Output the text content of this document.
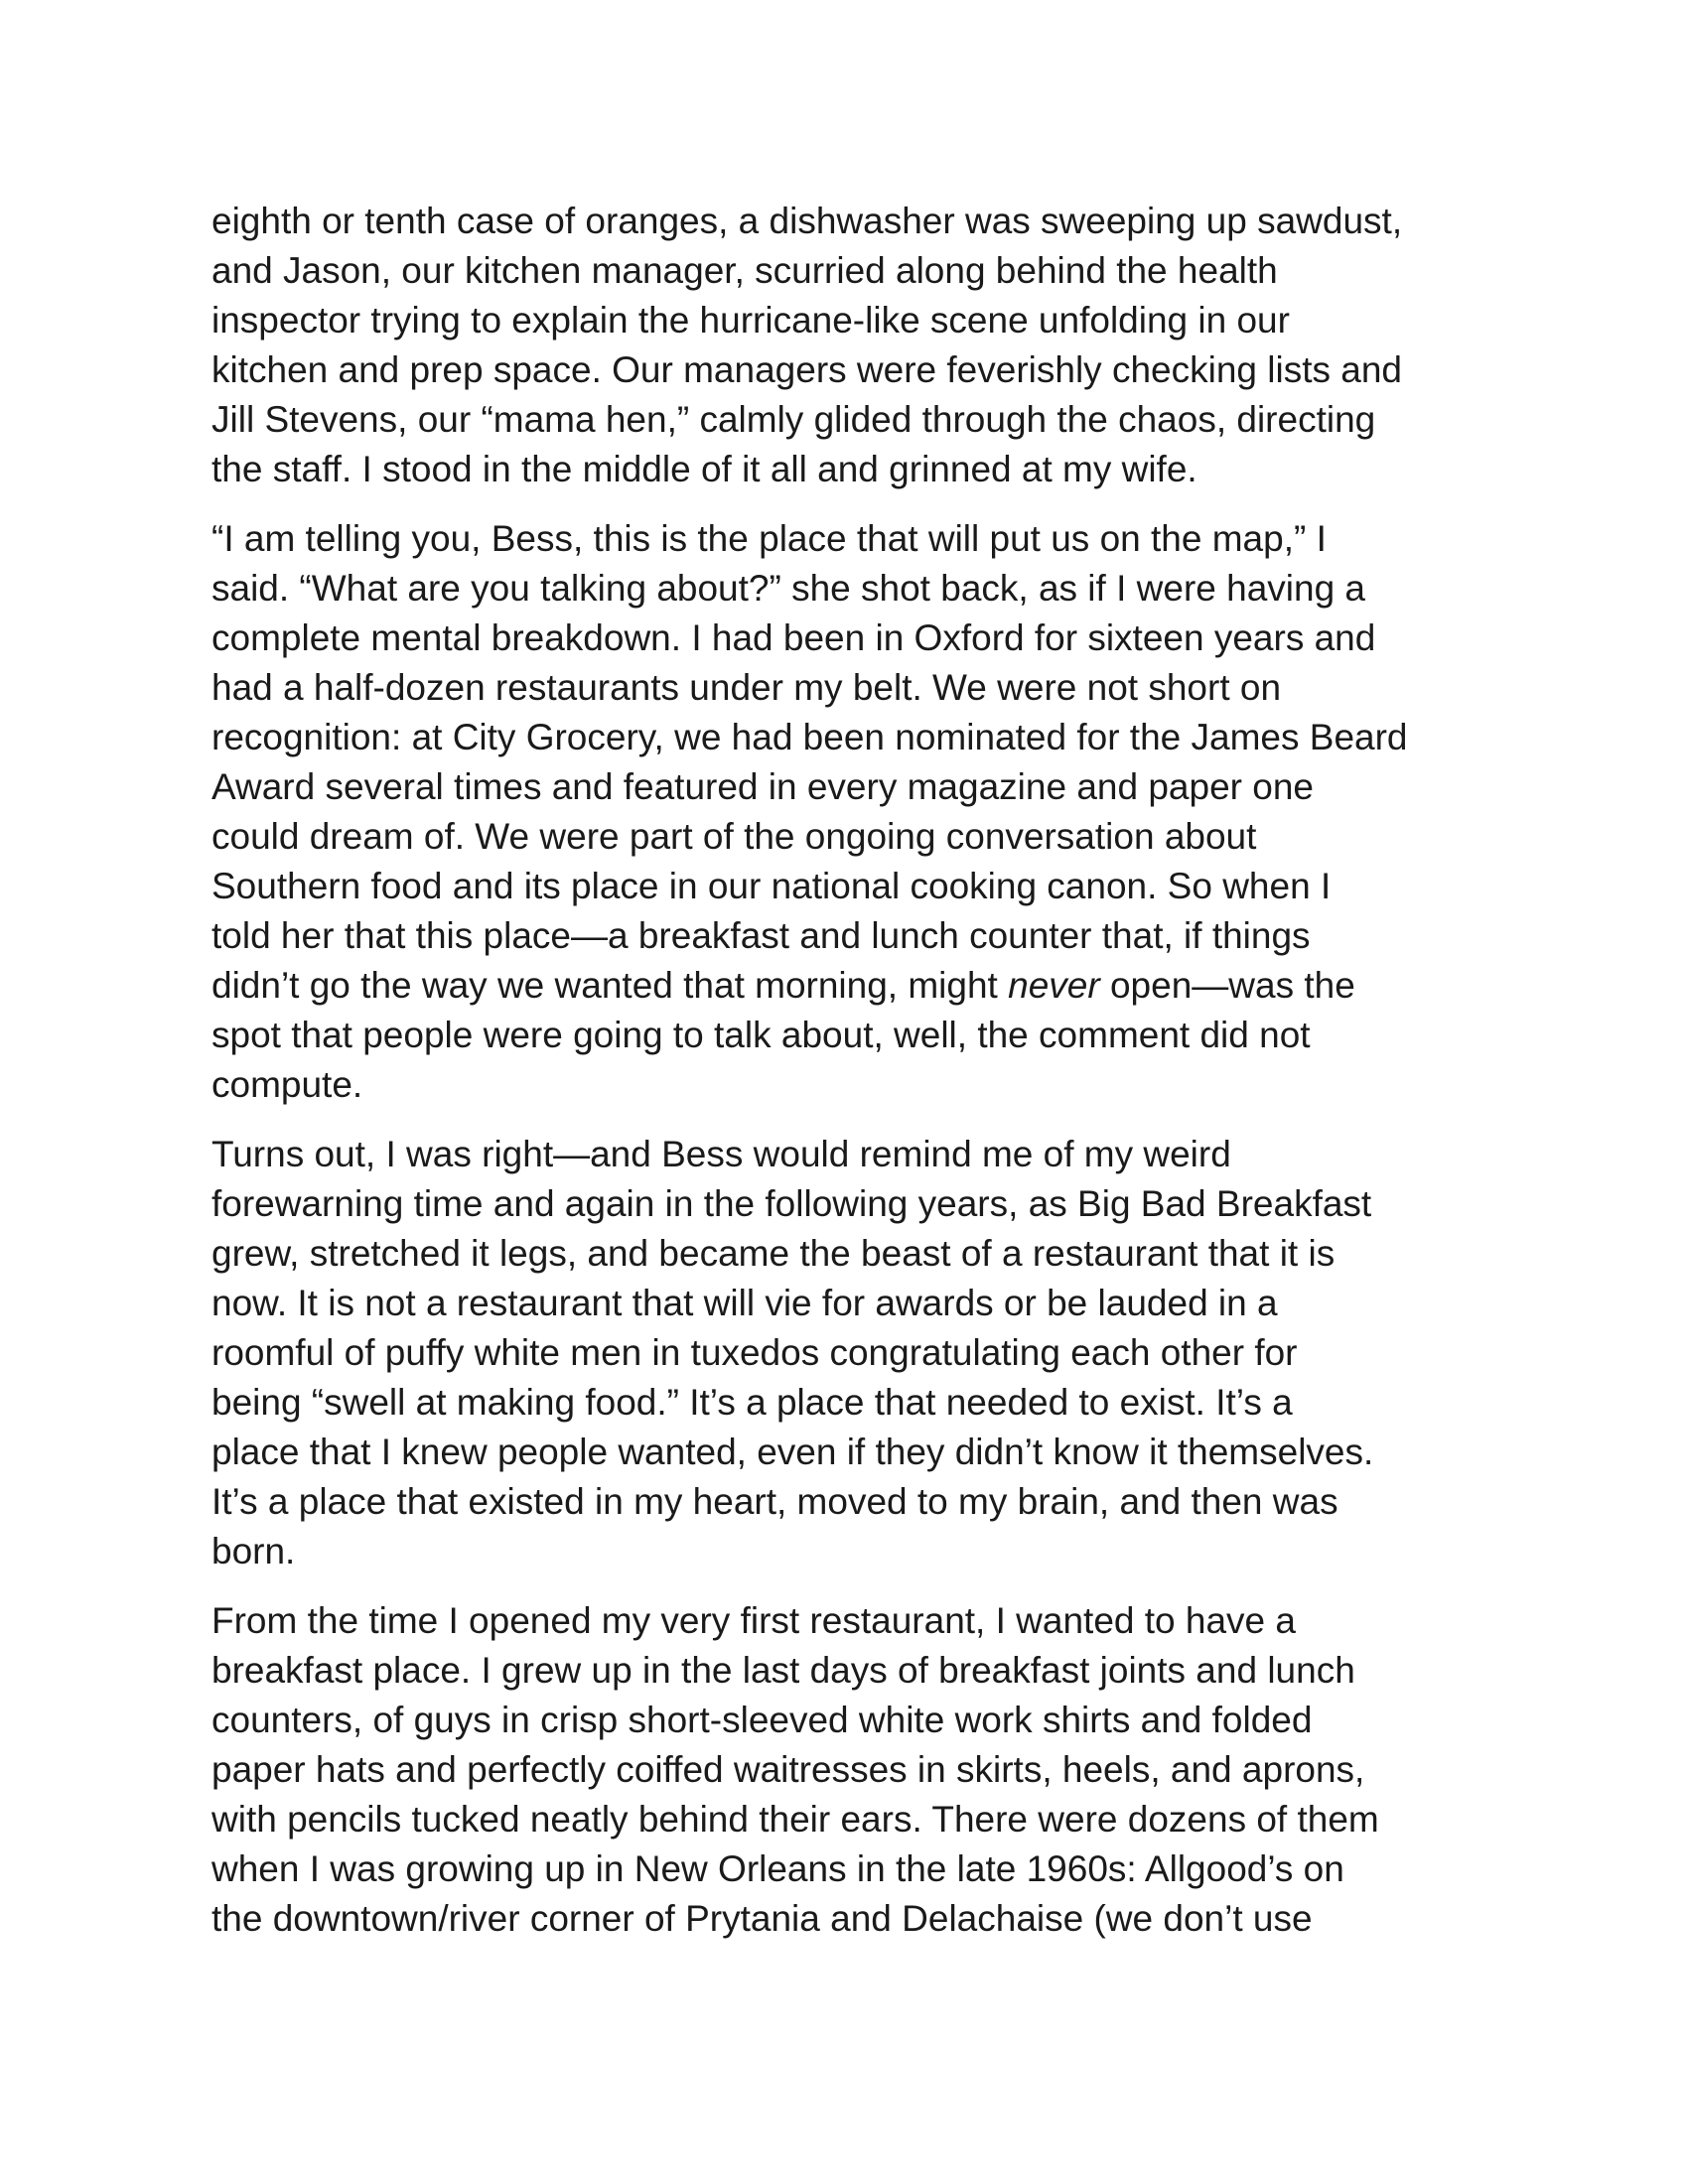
eighth or tenth case of oranges, a dishwasher was sweeping up sawdust,
and Jason, our kitchen manager, scurried along behind the health
inspector trying to explain the hurricane-like scene unfolding in our
kitchen and prep space. Our managers were feverishly checking lists and
Jill Stevens, our “mama hen,” calmly glided through the chaos, directing
the staff. I stood in the middle of it all and grinned at my wife.

“I am telling you, Bess, this is the place that will put us on the map,” I
said. “What are you talking about?” she shot back, as if I were having a
complete mental breakdown. I had been in Oxford for sixteen years and
had a half-dozen restaurants under my belt. We were not short on
recognition: at City Grocery, we had been nominated for the James Beard
Award several times and featured in every magazine and paper one
could dream of. We were part of the ongoing conversation about
Southern food and its place in our national cooking canon. So when I
told her that this place—a breakfast and lunch counter that, if things
didn’t go the way we wanted that morning, might never open—was the
spot that people were going to talk about, well, the comment did not
compute.

Turns out, I was right—and Bess would remind me of my weird
forewarning time and again in the following years, as Big Bad Breakfast
grew, stretched it legs, and became the beast of a restaurant that it is
now. It is not a restaurant that will vie for awards or be lauded in a
roomful of puffy white men in tuxedos congratulating each other for
being “swell at making food.” It’s a place that needed to exist. It’s a
place that I knew people wanted, even if they didn’t know it themselves.
It’s a place that existed in my heart, moved to my brain, and then was
born.

From the time I opened my very first restaurant, I wanted to have a
breakfast place. I grew up in the last days of breakfast joints and lunch
counters, of guys in crisp short-sleeved white work shirts and folded
paper hats and perfectly coiffed waitresses in skirts, heels, and aprons,
with pencils tucked neatly behind their ears. There were dozens of them
when I was growing up in New Orleans in the late 1960s: Allgood’s on
the downtown/river corner of Prytania and Delachaise (we don’t use
